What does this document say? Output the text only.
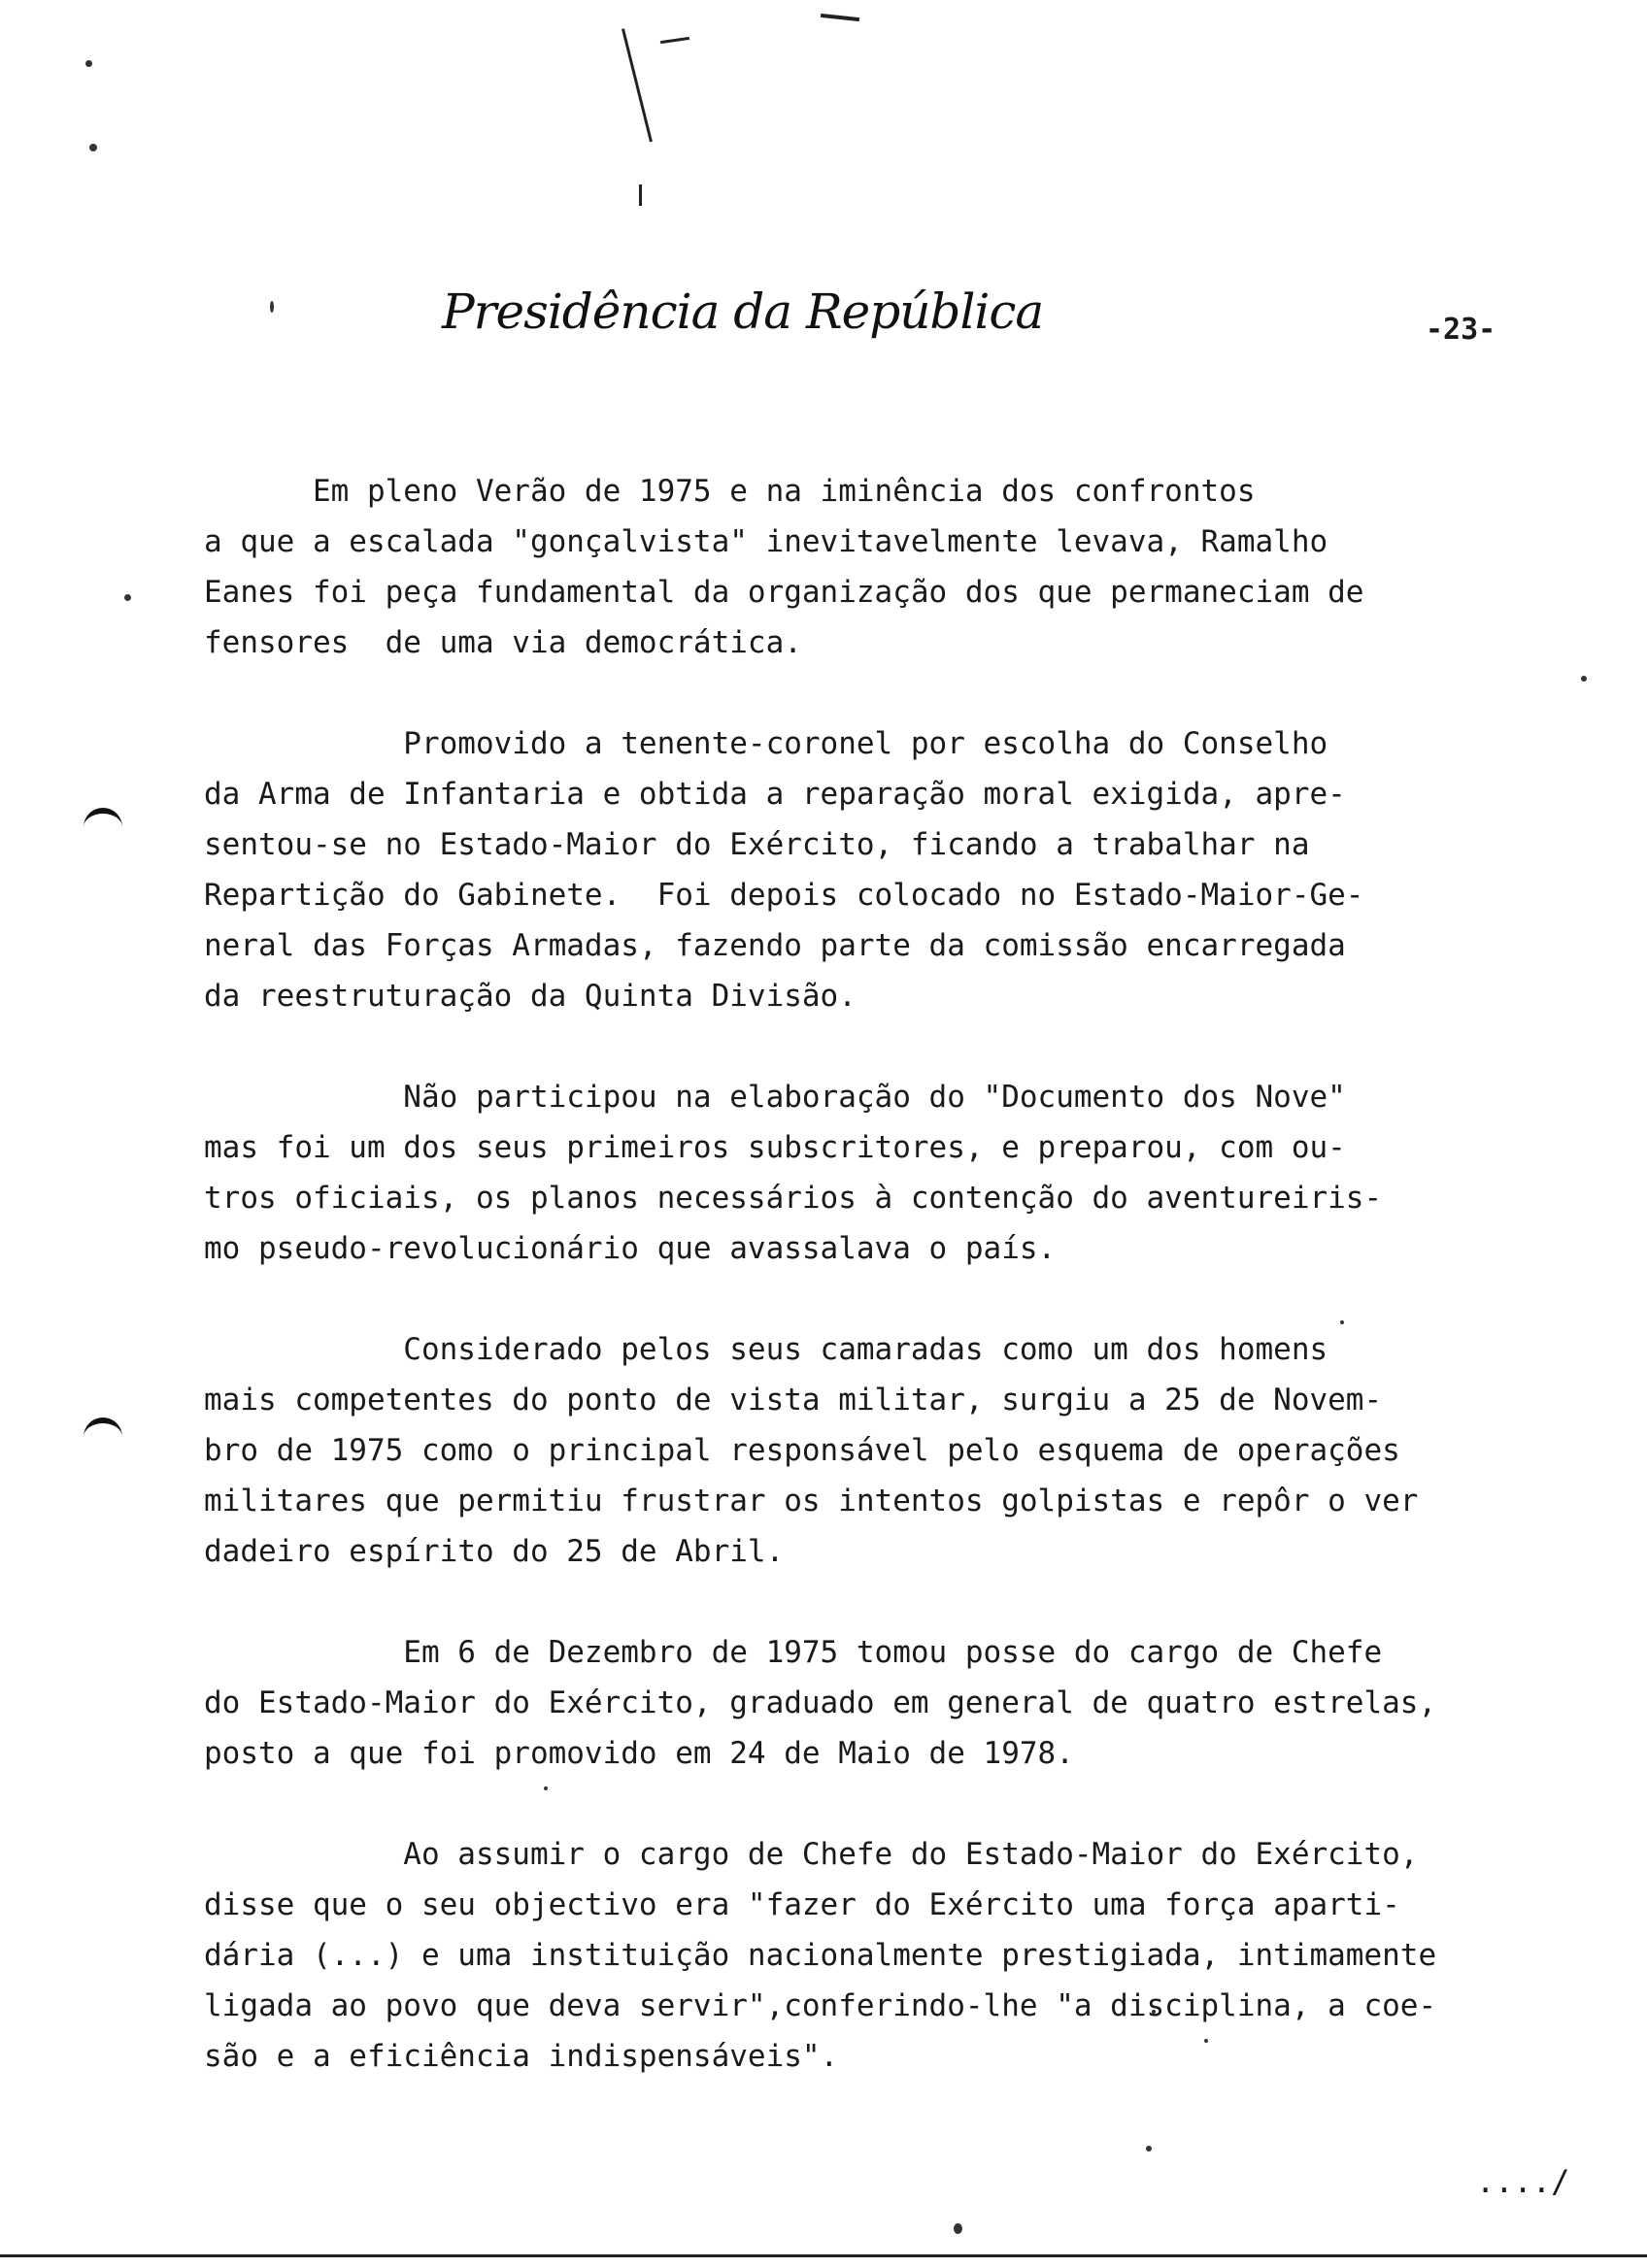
Presidência da República	-23-
Em pleno Verão de 1975 e na iminência dos confrontos
a que a escalada "gonçalvista" inevitavelmente levava, Ramalho
Eanes foi peça fundamental da organização dos que permaneciam de
fensores  de uma via democrática.
Promovido a tenente-coronel por escolha do Conselho
da Arma de Infantaria e obtida a reparação moral exigida, apre-
sentou-se no Estado-Maior do Exército, ficando a trabalhar na
Repartição do Gabinete.  Foi depois colocado no Estado-Maior-Ge-
neral das Forças Armadas, fazendo parte da comissão encarregada
da reestruturação da Quinta Divisão.
Não participou na elaboração do "Documento dos Nove"
mas foi um dos seus primeiros subscritores, e preparou, com ou-
tros oficiais, os planos necessários à contenção do aventureiris-
mo pseudo-revolucionário que avassalava o país.
Considerado pelos seus camaradas como um dos homens
mais competentes do ponto de vista militar, surgiu a 25 de Novem-
bro de 1975 como o principal responsável pelo esquema de operações
militares que permitiu frustrar os intentos golpistas e repôr o ver
dadeiro espírito do 25 de Abril.
Em 6 de Dezembro de 1975 tomou posse do cargo de Chefe
do Estado-Maior do Exército, graduado em general de quatro estrelas,
posto a que foi promovido em 24 de Maio de 1978.
Ao assumir o cargo de Chefe do Estado-Maior do Exército,
disse que o seu objectivo era "fazer do Exército uma força aparti-
dária (...) e uma instituição nacionalmente prestigiada, intimamente
ligada ao povo que deva servir",conferindo-lhe "a disciplina, a coe-
são e a eficiência indispensáveis".
..../
